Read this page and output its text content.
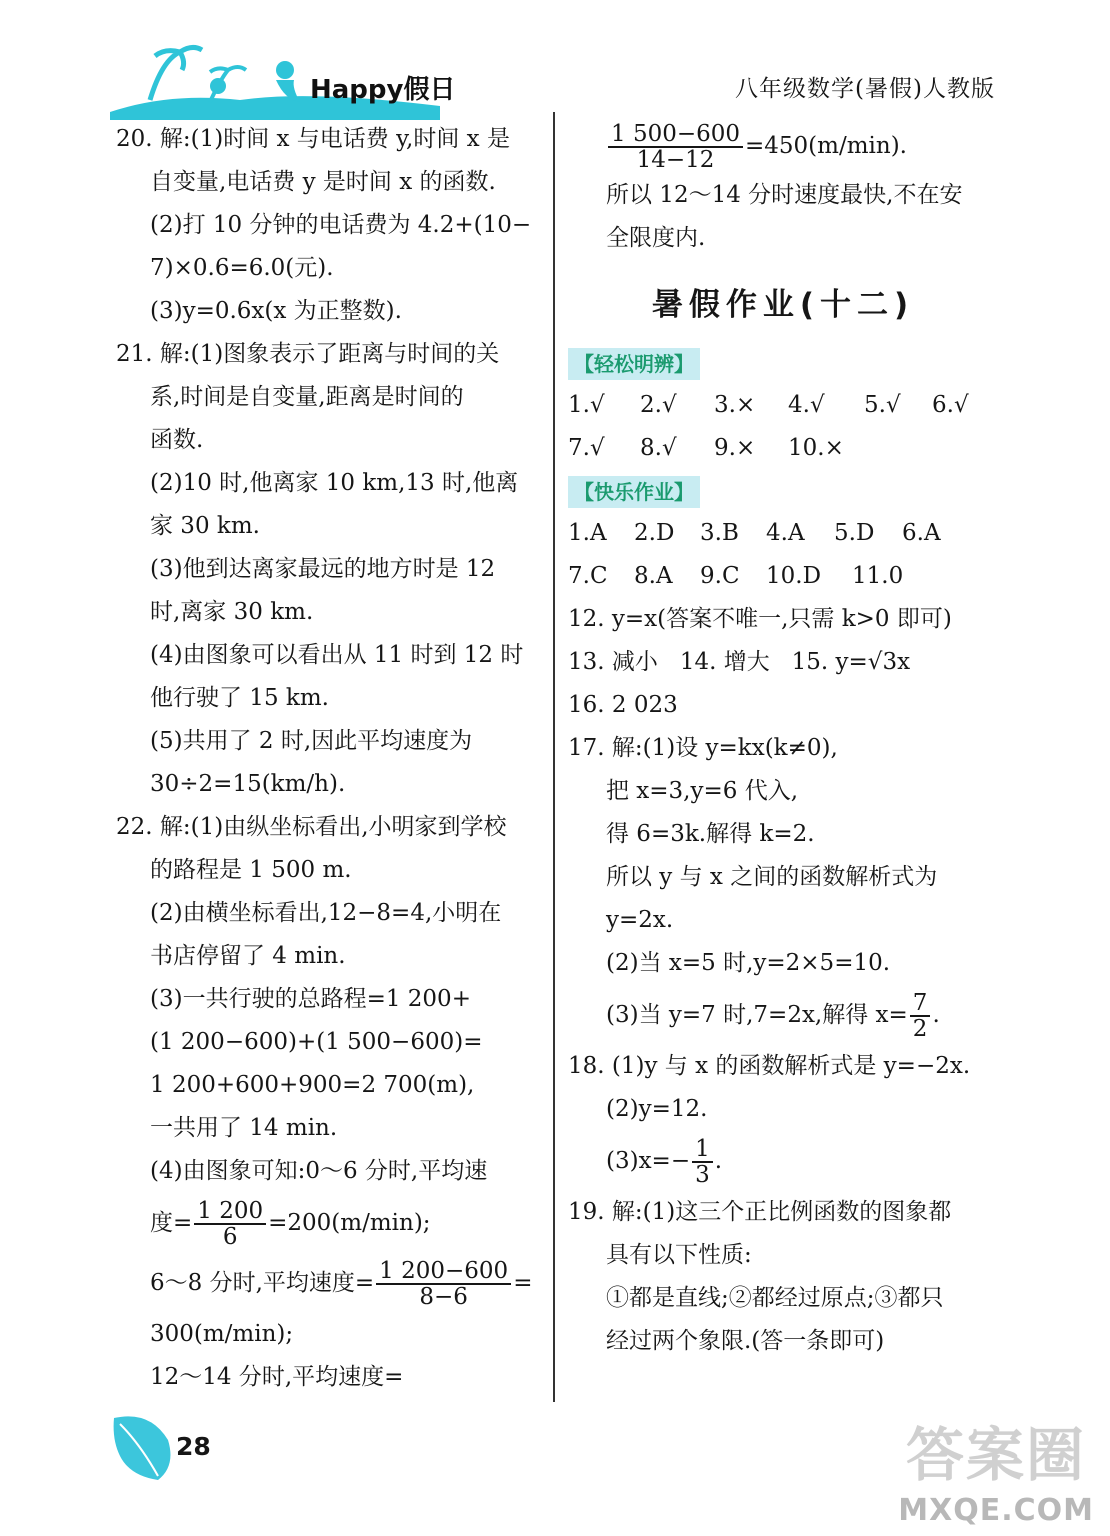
Happy假日	八年级数学(暑假)人教版
20. 解:(1)时间 x 与电话费 y,时间 x 是
自变量,电话费 y 是时间 x 的函数.
(2)打 10 分钟的电话费为 4.2+(10−
7)×0.6=6.0(元).
(3)y=0.6x(x 为正整数).
21. 解:(1)图象表示了距离与时间的关
系,时间是自变量,距离是时间的
函数.
(2)10 时,他离家 10 km,13 时,他离
家 30 km.
(3)他到达离家最远的地方时是 12
时,离家 30 km.
(4)由图象可以看出从 11 时到 12 时
他行驶了 15 km.
(5)共用了 2 时,因此平均速度为
30÷2=15(km/h).
22. 解:(1)由纵坐标看出,小明家到学校
的路程是 1 500 m.
(2)由横坐标看出,12−8=4,小明在
书店停留了 4 min.
(3)一共行驶的总路程=1 200+
(1 200−600)+(1 500−600)=
1 200+600+900=2 700(m),
一共用了 14 min.
(4)由图象可知:0～6 分时,平均速
度= $\frac{1 200}{6} =200(m/\min)$;
6～8 分时,平均速度= $\frac{1 200-600}{8-6}$ =
300(m/min);
12～14 分时,平均速度=
$\frac{1 500-600}{14-12} =450(m/\min)$.
所以 12～14 分时速度最快,不在安
全限度内.
暑假作业(十二)
【轻松明辨】
1.√ 2.√ 3.× 4.√ 5.√ 6.√
7.√ 8.√ 9.× 10.×
【快乐作业】
1.A 2.D 3.B 4.A 5.D 6.A
7.C 8.A 9.C 10.D 11.0
12. y=x(答案不唯一,只需 k>0 即可)
13. 减小   14. 增大   15. y=√3x
16. 2 023
17. 解:(1)设 y=kx(k≠0),
把 x=3,y=6 代入,
得 6=3k.解得 k=2.
所以 y 与 x 之间的函数解析式为
y=2x.
(2)当 x=5 时,y=2×5=10.
(3)当 y=7 时,7=2x,解得 $x= \frac{7}{2}$ .
18. (1)y 与 x 的函数解析式是 y=−2x.
(2)y=12.
$(3)x=- \frac{1}{3}$ .
19. 解:(1)这三个正比例函数的图象都
具有以下性质:
①都是直线;②都经过原点;③都只
经过两个象限.(答一条即可)
28	答案圈
MXQE.COM
